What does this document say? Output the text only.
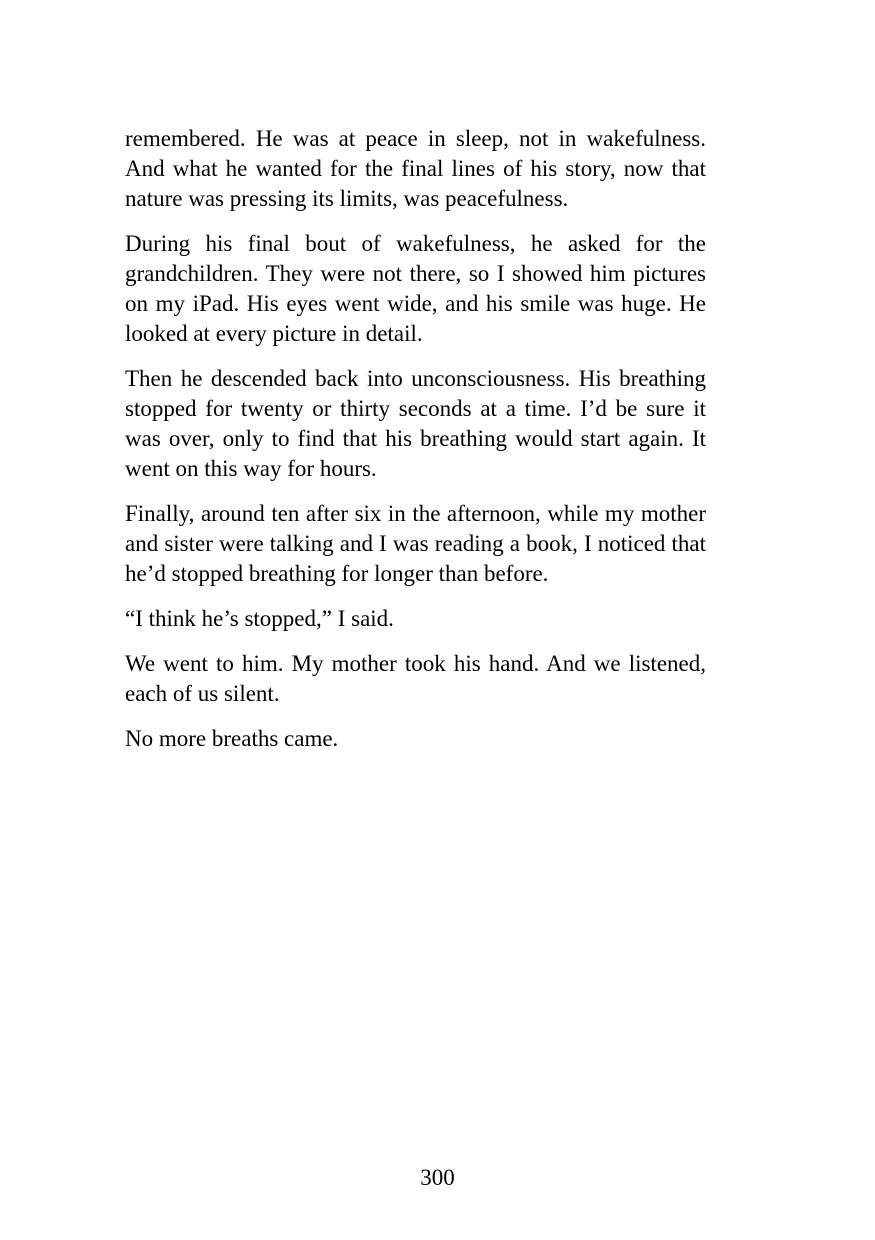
remembered. He was at peace in sleep, not in wakefulness. And what he wanted for the final lines of his story, now that nature was pressing its limits, was peacefulness.

During his final bout of wakefulness, he asked for the grandchildren. They were not there, so I showed him pictures on my iPad. His eyes went wide, and his smile was huge. He looked at every picture in detail.

Then he descended back into unconsciousness. His breathing stopped for twenty or thirty seconds at a time. I’d be sure it was over, only to find that his breathing would start again. It went on this way for hours.

Finally, around ten after six in the afternoon, while my mother and sister were talking and I was reading a book, I noticed that he’d stopped breathing for longer than before.

“I think he’s stopped,” I said.

We went to him. My mother took his hand. And we listened, each of us silent.

No more breaths came.

300
